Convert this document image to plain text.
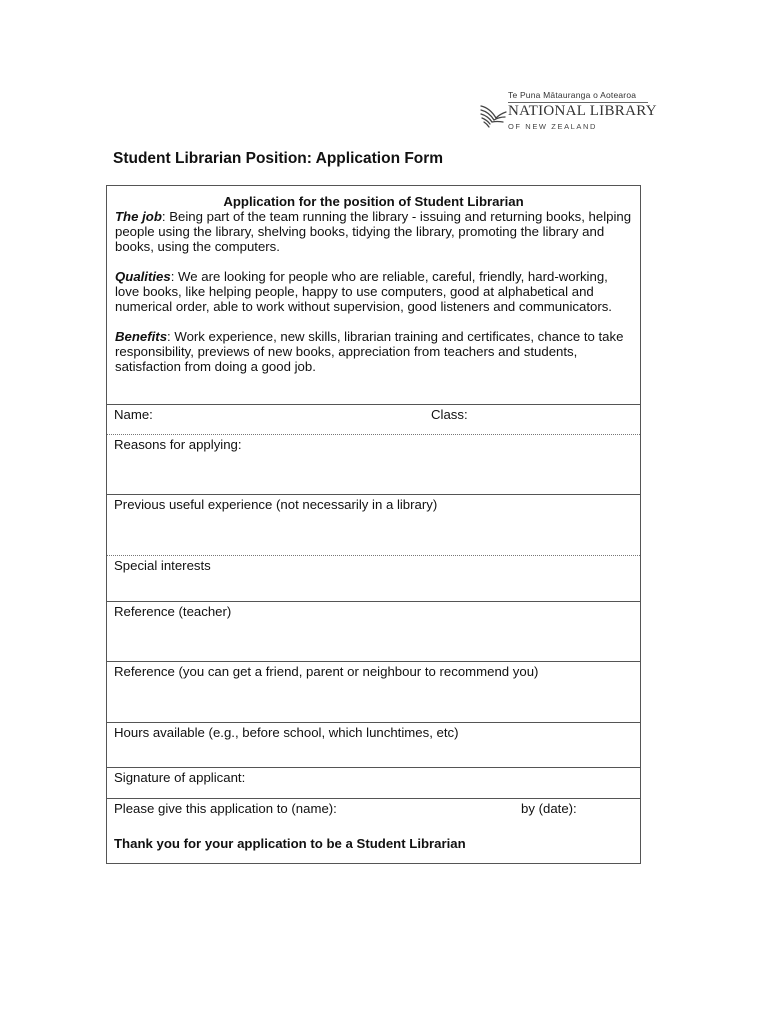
Te Puna Mātauranga o Aotearoa
NATIONAL LIBRARY
OF NEW ZEALAND
Student Librarian Position: Application Form
Application for the position of Student Librarian

The job: Being part of the team running the library - issuing and returning books, helping people using the library, shelving books, tidying the library, promoting the library and books, using the computers.

Qualities: We are looking for people who are reliable, careful, friendly, hard-working, love books, like helping people, happy to use computers, good at alphabetical and numerical order, able to work without supervision, good listeners and communicators.

Benefits: Work experience, new skills, librarian training and certificates, chance to take responsibility, previews of new books, appreciation from teachers and students, satisfaction from doing a good job.

Name:	Class:
Reasons for applying:
Previous useful experience (not necessarily in a library)
Special interests
Reference (teacher)
Reference (you can get a friend, parent or neighbour to recommend you)
Hours available (e.g., before school, which lunchtimes, etc)
Signature of applicant:
Please give this application to (name):	by (date):
Thank you for your application to be a Student Librarian
